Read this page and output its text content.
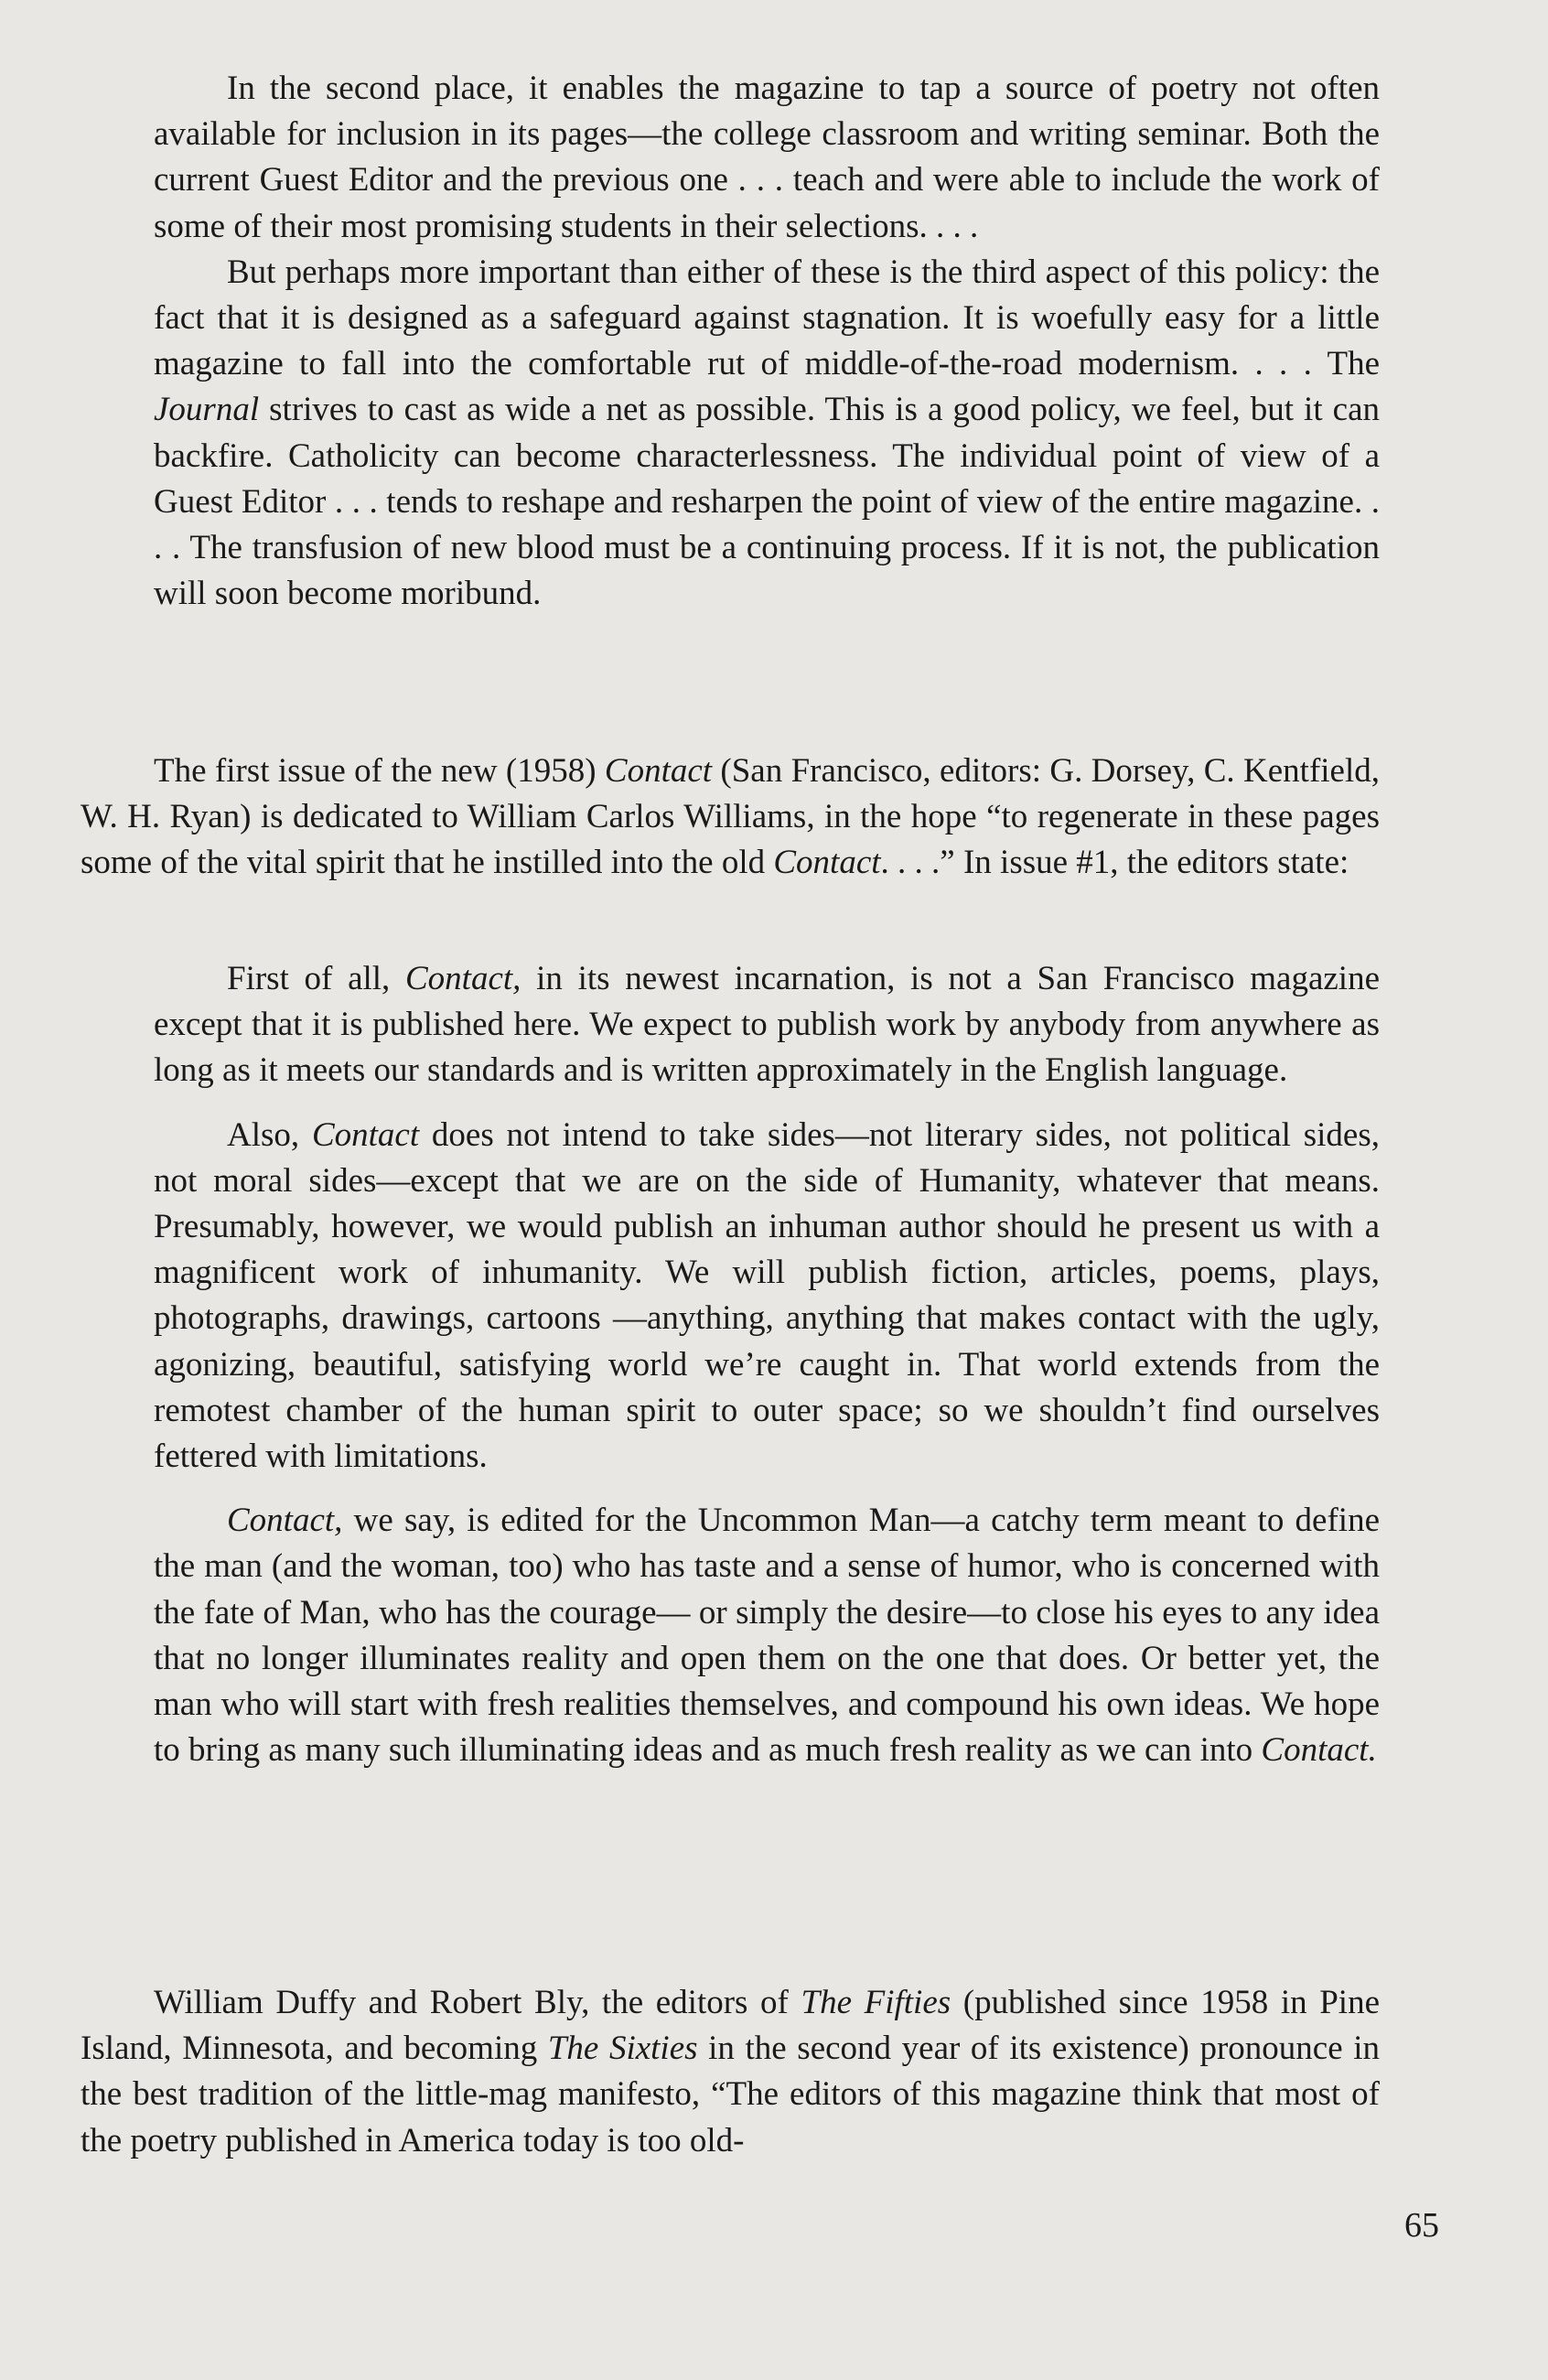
In the second place, it enables the magazine to tap a source of poetry not often available for inclusion in its pages—the college classroom and writing seminar. Both the current Guest Editor and the previous one . . . teach and were able to include the work of some of their most promising students in their selections. . . .

But perhaps more important than either of these is the third aspect of this policy: the fact that it is designed as a safeguard against stagnation. It is woefully easy for a little magazine to fall into the comfortable rut of middle-of-the-road modernism. . . . The Journal strives to cast as wide a net as possible. This is a good policy, we feel, but it can backfire. Catholicity can become characterlessness. The individual point of view of a Guest Editor . . . tends to reshape and resharpen the point of view of the entire magazine. . . . The transfusion of new blood must be a continuing process. If it is not, the publication will soon become moribund.

The first issue of the new (1958) Contact (San Francisco, editors: G. Dorsey, C. Kentfield, W. H. Ryan) is dedicated to William Carlos Williams, in the hope “to regenerate in these pages some of the vital spirit that he instilled into the old Contact. . . .” In issue #1, the editors state:

First of all, Contact, in its newest incarnation, is not a San Francisco magazine except that it is published here. We expect to publish work by anybody from anywhere as long as it meets our standards and is written approximately in the English language.

Also, Contact does not intend to take sides—not literary sides, not political sides, not moral sides—except that we are on the side of Humanity, whatever that means. Presumably, however, we would publish an inhuman author should he present us with a magnificent work of inhumanity. We will publish fiction, articles, poems, plays, photographs, drawings, cartoons —anything, anything that makes contact with the ugly, agonizing, beautiful, satisfying world we’re caught in. That world extends from the remotest chamber of the human spirit to outer space; so we shouldn’t find ourselves fettered with limitations.

Contact, we say, is edited for the Uncommon Man—a catchy term meant to define the man (and the woman, too) who has taste and a sense of humor, who is concerned with the fate of Man, who has the courage— or simply the desire—to close his eyes to any idea that no longer illuminates reality and open them on the one that does. Or better yet, the man who will start with fresh realities themselves, and compound his own ideas. We hope to bring as many such illuminating ideas and as much fresh reality as we can into Contact.

William Duffy and Robert Bly, the editors of The Fifties (published since 1958 in Pine Island, Minnesota, and becoming The Sixties in the second year of its existence) pronounce in the best tradition of the little-mag manifesto, “The editors of this magazine think that most of the poetry published in America today is too old-

65
